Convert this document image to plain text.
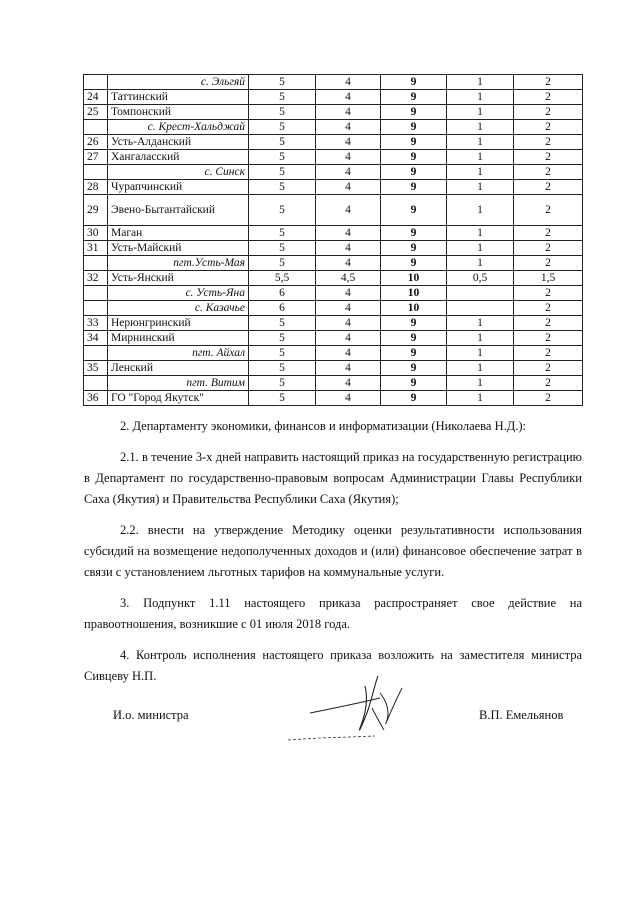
	с. Эльгяй	5	4	9	1	2	
24	Таттинский	5	4	9	1	2	
25	Томпонский	5	4	9	1	2	
	с. Крест-Хальджай	5	4	9	1	2	
26	Усть-Алданский	5	4	9	1	2	
27	Хангаласский	5	4	9	1	2	
	с. Синск	5	4	9	1	2	
28	Чурапчинский	5	4	9	1	2	
29	Эвено-Бытантайский	5	4	9	1	2	
30	Маган	5	4	9	1	2	
31	Усть-Майский	5	4	9	1	2	
	пгт.Усть-Мая	5	4	9	1	2	
32	Усть-Янский	5,5	4,5	10	0,5	1,5	
	с. Усть-Яна	6	4	10		2	
	с. Казачье	6	4	10		2	
33	Нерюнгринский	5	4	9	1	2	
34	Мирнинский	5	4	9	1	2	
	пгт. Айхал	5	4	9	1	2	
35	Ленский	5	4	9	1	2	
	пгт. Витим	5	4	9	1	2	
36	ГО "Город Якутск"	5	4	9	1	2	

2. Департаменту экономики, финансов и информатизации (Николаева Н.Д.):

2.1. в течение 3-х дней направить настоящий приказ на государственную регистрацию в Департамент по государственно-правовым вопросам Администрации Главы Республики Саха (Якутия) и Правительства Республики Саха (Якутия);

2.2. внести на утверждение Методику оценки результативности использования субсидий на возмещение недополученных доходов и (или) финансовое обеспечение затрат в связи с установлением льготных тарифов на коммунальные услуги.

3. Подпункт 1.11 настоящего приказа распространяет свое действие на правоотношения, возникшие с 01 июля 2018 года.

4. Контроль исполнения настоящего приказа возложить на заместителя министра Сивцеву Н.П.

И.о. министра	В.П. Емельянов
